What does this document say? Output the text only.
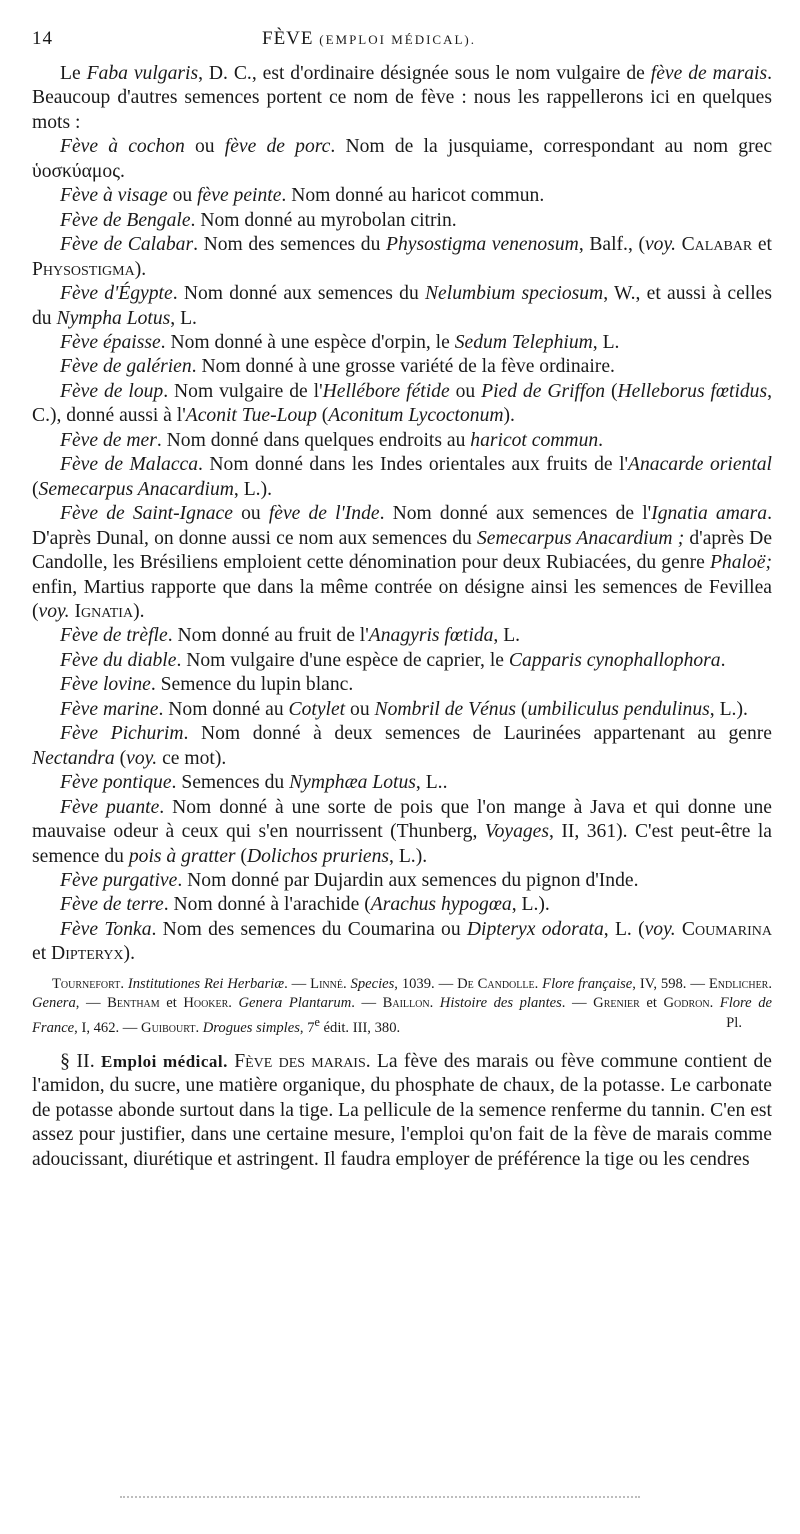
14	FÈVE (EMPLOI MÉDICAL).

Le Faba vulgaris, D. C., est d'ordinaire désignée sous le nom vulgaire de fève de marais. Beaucoup d'autres semences portent ce nom de fève : nous les rappellerons ici en quelques mots :

Fève à cochon ou fève de porc. Nom de la jusquiame, correspondant au nom grec ὑοσκύαμος.

Fève à visage ou fève peinte. Nom donné au haricot commun.

Fève de Bengale. Nom donné au myrobolan citrin.

Fève de Calabar. Nom des semences du Physostigma venenosum, Balf., (voy. Calabar et Physostigma).

Fève d'Égypte. Nom donné aux semences du Nelumbium speciosum, W., et aussi à celles du Nympha Lotus, L.

Fève épaisse. Nom donné à une espèce d'orpin, le Sedum Telephium, L.

Fève de galérien. Nom donné à une grosse variété de la fève ordinaire.

Fève de loup. Nom vulgaire de l'Hellébore fétide ou Pied de Griffon (Helleborus fœtidus, C.), donné aussi à l'Aconit Tue-Loup (Aconitum Lycoctonum).

Fève de mer. Nom donné dans quelques endroits au haricot commun.

Fève de Malacca. Nom donné dans les Indes orientales aux fruits de l'Anacarde oriental (Semecarpus Anacardium, L.).

Fève de Saint-Ignace ou fève de l'Inde. Nom donné aux semences de l'Ignatia amara. D'après Dunal, on donne aussi ce nom aux semences du Semecarpus Anacardium ; d'après De Candolle, les Brésiliens emploient cette dénomination pour deux Rubiacées, du genre Phaloë; enfin, Martius rapporte que dans la même contrée on désigne ainsi les semences de Fevillea (voy. Ignatia).

Fève de trèfle. Nom donné au fruit de l'Anagyris fœtida, L.

Fève du diable. Nom vulgaire d'une espèce de caprier, le Capparis cynophallophora.

Fève lovine. Semence du lupin blanc.

Fève marine. Nom donné au Cotylet ou Nombril de Vénus (umbiliculus pendulinus, L.).

Fève Pichurim. Nom donné à deux semences de Laurinées appartenant au genre Nectandra (voy. ce mot).

Fève pontique. Semences du Nymphæa Lotus, L..

Fève puante. Nom donné à une sorte de pois que l'on mange à Java et qui donne une mauvaise odeur à ceux qui s'en nourrissent (Thunberg, Voyages, II, 361). C'est peut-être la semence du pois à gratter (Dolichos pruriens, L.).

Fève purgative. Nom donné par Dujardin aux semences du pignon d'Inde.

Fève de terre. Nom donné à l'arachide (Arachus hypogœa, L.).

Fève Tonka. Nom des semences du Coumarina ou Dipteryx odorata, L. (voy. Coumarina et Dipteryx).

Tournefort. Institutiones Rei Herbariæ. — Linné. Species, 1039. — De Candolle. Flore française, IV, 598. — Endlicher. Genera, — Bentham et Hooker. Genera Plantarum. — Baillon. Histoire des plantes. — Grenier et Godron. Flore de France, I, 462. — Guibourt. Drogues simples, 7e édit. III, 380.	Pl.

§ II. Emploi médical. Fève des marais. La fève des marais ou fève commune contient de l'amidon, du sucre, une matière organique, du phosphate de chaux, de la potasse. Le carbonate de potasse abonde surtout dans la tige. La pellicule de la semence renferme du tannin. C'en est assez pour justifier, dans une certaine mesure, l'emploi qu'on fait de la fève de marais comme adoucissant, diurétique et astringent. Il faudra employer de préférence la tige ou les cendres
